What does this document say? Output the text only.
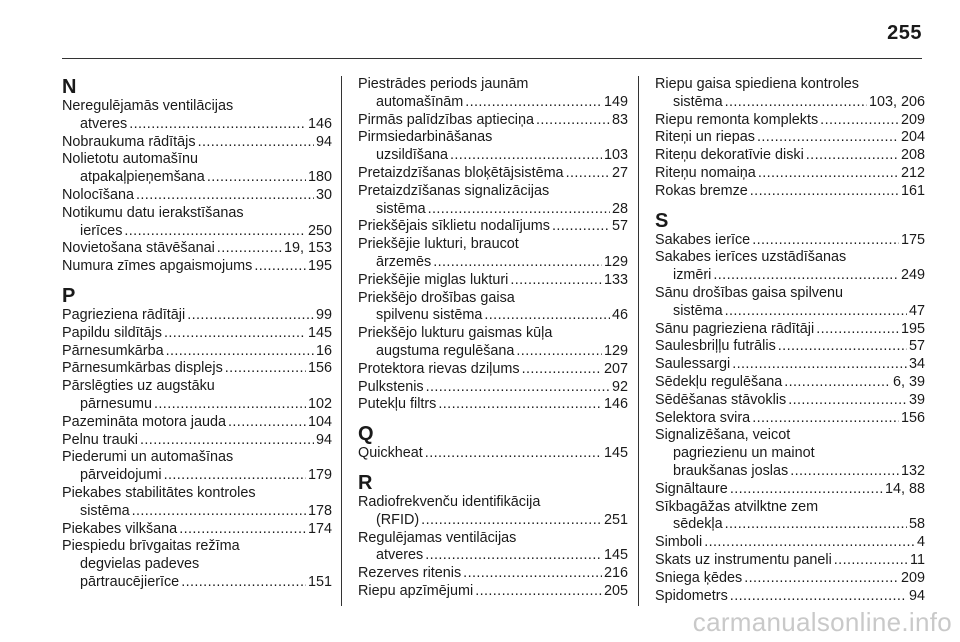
255
N
Neregulējamās ventilācijas
atveres .....	146
Nobraukuma rādītājs .....	94
Nolietotu automašīnu
atpakaļpieņemšana .....	180
Nolocīšana .....	30
Notikumu datu ierakstīšanas
ierīces .....	250
Novietošana stāvēšanai .....	19, 153
Numura zīmes apgaismojums .....	195
P
Pagrieziena rādītāji .....	99
Papildu sildītājs .....	145
Pārnesumkārba .....	16
Pārnesumkārbas displejs .....	156
Pārslēgties uz augstāku
pārnesumu .....	102
Pazemināta motora jauda .....	104
Pelnu trauki .....	94
Piederumi un automašīnas
pārveidojumi .....	179
Piekabes stabilitātes kontroles
sistēma .....	178
Piekabes vilkšana .....	174
Piespiedu brīvgaitas režīma
degvielas padeves
pārtraucējierīce .....	151
Piestrādes periods jaunām
automašīnām .....	149
Pirmās palīdzības aptieciņa .....	83
Pirmsiedarbināšanas
uzsildīšana .....	103
Pretaizdzīšanas bloķētājsistēma .....	27
Pretaizdzīšanas signalizācijas
sistēma .....	28
Priekšējais sīklietu nodalījums .....	57
Priekšējie lukturi, braucot
ārzemēs .....	129
Priekšējie miglas lukturi .....	133
Priekšējo drošības gaisa
spilvenu sistēma .....	46
Priekšējo lukturu gaismas kūļa
augstuma regulēšana .....	129
Protektora rievas dziļums .....	207
Pulkstenis .....	92
Putekļu filtrs .....	146
Q
Quickheat .....	145
R
Radiofrekvenču identifikācija
(RFID) .....	251
Regulējamas ventilācijas
atveres .....	145
Rezerves ritenis .....	216
Riepu apzīmējumi .....	205
Riepu gaisa spiediena kontroles
sistēma .....	103, 206
Riepu remonta komplekts .....	209
Riteņi un riepas .....	204
Riteņu dekoratīvie diski .....	208
Riteņu nomaiņa .....	212
Rokas bremze .....	161
S
Sakabes ierīce .....	175
Sakabes ierīces uzstādīšanas
izmēri .....	249
Sānu drošības gaisa spilvenu
sistēma .....	47
Sānu pagrieziena rādītāji .....	195
Saulesbriļļu futrālis .....	57
Saulessargi .....	34
Sēdekļu regulēšana .....	6, 39
Sēdēšanas stāvoklis .....	39
Selektora svira .....	156
Signalizēšana, veicot
pagriezienu un mainot
braukšanas joslas .....	132
Signāltaure .....	14, 88
Sīkbagāžas atvilktne zem
sēdekļa .....	58
Simboli .....	4
Skats uz instrumentu paneli .....	11
Sniega ķēdes .....	209
Spidometrs .....	94
carmanualsonline.info
